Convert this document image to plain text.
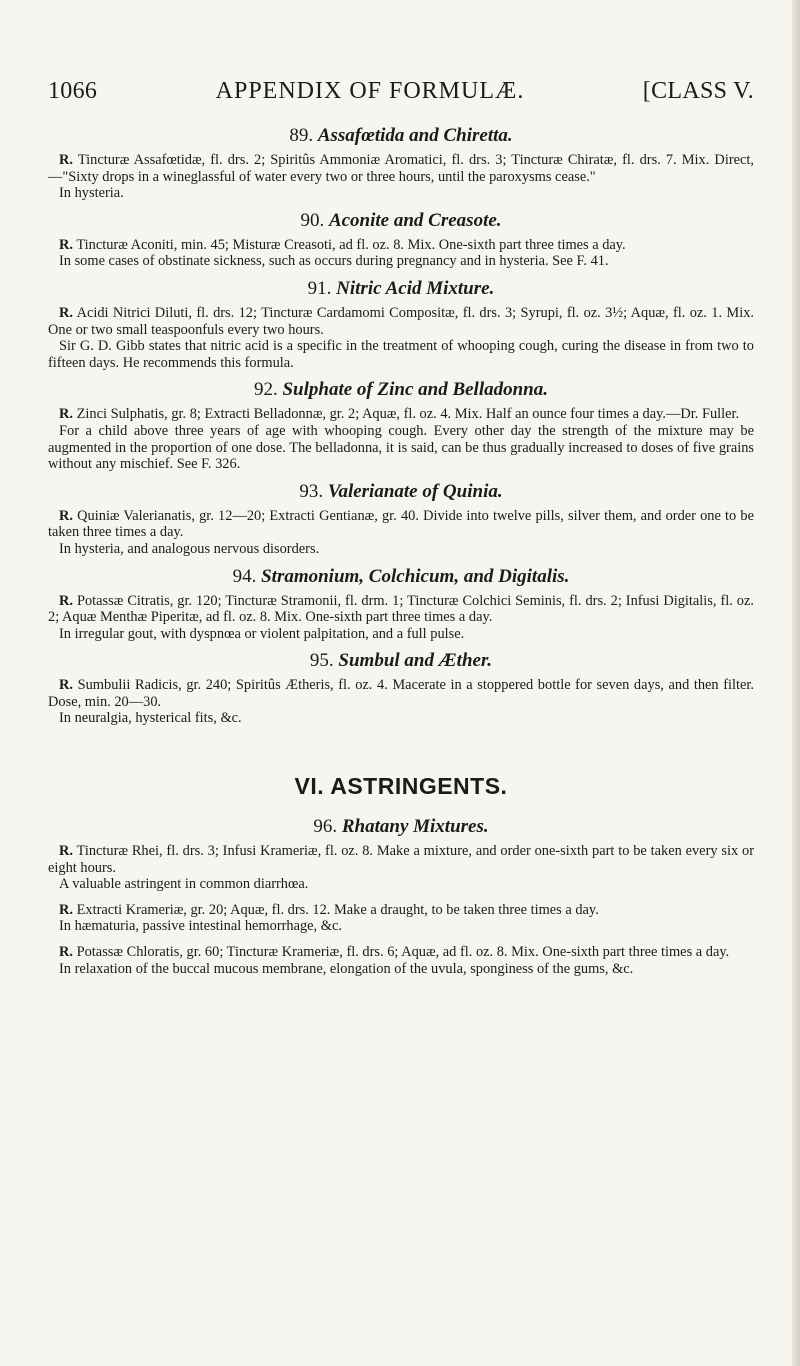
1066	APPENDIX OF FORMULÆ.	[CLASS V.
89. Assafœtida and Chiretta.

R. Tincturæ Assafœtidæ, fl. drs. 2; Spiritûs Ammoniæ Aromatici, fl. drs. 3; Tincturæ Chiratæ, fl. drs. 7. Mix. Direct,—"Sixty drops in a wineglassful of water every two or three hours, until the paroxysms cease."

In hysteria.

90. Aconite and Creasote.

R. Tincturæ Aconiti, min. 45; Misturæ Creasoti, ad fl. oz. 8. Mix. One-sixth part three times a day.

In some cases of obstinate sickness, such as occurs during pregnancy and in hysteria. See F. 41.

91. Nitric Acid Mixture.

R. Acidi Nitrici Diluti, fl. drs. 12; Tincturæ Cardamomi Compositæ, fl. drs. 3; Syrupi, fl. oz. 3½; Aquæ, fl. oz. 1. Mix. One or two small teaspoonfuls every two hours.

Sir G. D. Gibb states that nitric acid is a specific in the treatment of whooping cough, curing the disease in from two to fifteen days. He recommends this formula.

92. Sulphate of Zinc and Belladonna.

R. Zinci Sulphatis, gr. 8; Extracti Belladonnæ, gr. 2; Aquæ, fl. oz. 4. Mix. Half an ounce four times a day.—Dr. Fuller.

For a child above three years of age with whooping cough. Every other day the strength of the mixture may be augmented in the proportion of one dose. The belladonna, it is said, can be thus gradually increased to doses of five grains without any mischief. See F. 326.

93. Valerianate of Quinia.

R. Quiniæ Valerianatis, gr. 12—20; Extracti Gentianæ, gr. 40. Divide into twelve pills, silver them, and order one to be taken three times a day.

In hysteria, and analogous nervous disorders.

94. Stramonium, Colchicum, and Digitalis.

R. Potassæ Citratis, gr. 120; Tincturæ Stramonii, fl. drm. 1; Tincturæ Colchici Seminis, fl. drs. 2; Infusi Digitalis, fl. oz. 2; Aquæ Menthæ Piperitæ, ad fl. oz. 8. Mix. One-sixth part three times a day.

In irregular gout, with dyspnœa or violent palpitation, and a full pulse.

95. Sumbul and Æther.

R. Sumbulii Radicis, gr. 240; Spiritûs Ætheris, fl. oz. 4. Macerate in a stoppered bottle for seven days, and then filter. Dose, min. 20—30.

In neuralgia, hysterical fits, &c.

VI. ASTRINGENTS.
96. Rhatany Mixtures.

R. Tincturæ Rhei, fl. drs. 3; Infusi Krameriæ, fl. oz. 8. Make a mixture, and order one-sixth part to be taken every six or eight hours.

A valuable astringent in common diarrhœa.

R. Extracti Krameriæ, gr. 20; Aquæ, fl. drs. 12. Make a draught, to be taken three times a day.

In hæmaturia, passive intestinal hemorrhage, &c.

R. Potassæ Chloratis, gr. 60; Tincturæ Krameriæ, fl. drs. 6; Aquæ, ad fl. oz. 8. Mix. One-sixth part three times a day.

In relaxation of the buccal mucous membrane, elongation of the uvula, sponginess of the gums, &c.
